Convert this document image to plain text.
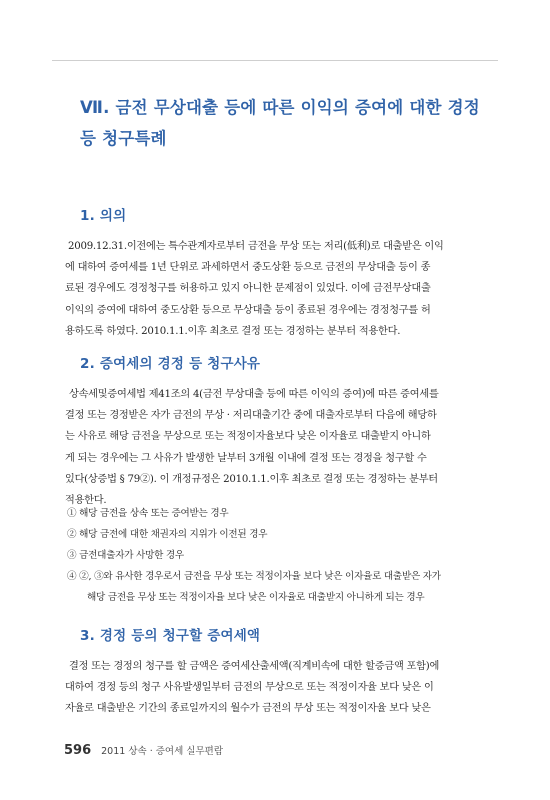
Ⅶ. 금전 무상대출 등에 따른 이익의 증여에 대한 경정
등 청구특례
1. 의의
2009.12.31.이전에는 특수관계자로부터 금전을 무상 또는 저리(低利)로 대출받은 이익
에 대하여 증여세를 1년 단위로 과세하면서 중도상환 등으로 금전의 무상대출 등이 종
료된 경우에도 경정청구를 허용하고 있지 아니한 문제점이 있었다. 이에 금전무상대출
이익의 증여에 대하여 중도상환 등으로 무상대출 등이 종료된 경우에는 경정청구를 허
용하도록 하였다. 2010.1.1.이후 최초로 결정 또는 경정하는 분부터 적용한다.
2. 증여세의 경정 등 청구사유
상속세및증여세법 제41조의 4(금전 무상대출 등에 따른 이익의 증여)에 따른 증여세를
결정 또는 경정받은 자가 금전의 무상 · 저리대출기간 중에 대출자로부터 다음에 해당하
는 사유로 해당 금전을 무상으로 또는 적정이자율보다 낮은 이자율로 대출받지 아니하
게 되는 경우에는 그 사유가 발생한 날부터 3개월 이내에 결정 또는 경정을 청구할 수
있다(상증법 § 79②). 이 개정규정은 2010.1.1.이후 최초로 결정 또는 경정하는 분부터
적용한다.
① 해당 금전을 상속 또는 증여받는 경우
② 해당 금전에 대한 채권자의 지위가 이전된 경우
③ 금전대출자가 사망한 경우
④ ②, ③와 유사한 경우로서 금전을 무상 또는 적정이자율 보다 낮은 이자율로 대출받은 자가
해당 금전을 무상 또는 적정이자율 보다 낮은 이자율로 대출받지 아니하게 되는 경우
3. 경정 등의 청구할 증여세액
결정 또는 경정의 청구를 할 금액은 증여세산출세액(직계비속에 대한 할증금액 포함)에
대하여 경정 등의 청구 사유발생일부터 금전의 무상으로 또는 적정이자율 보다 낮은 이
자율로 대출받은 기간의 종료일까지의 월수가 금전의 무상 또는 적정이자율 보다 낮은
596 2011 상속 · 증여세 실무편람
